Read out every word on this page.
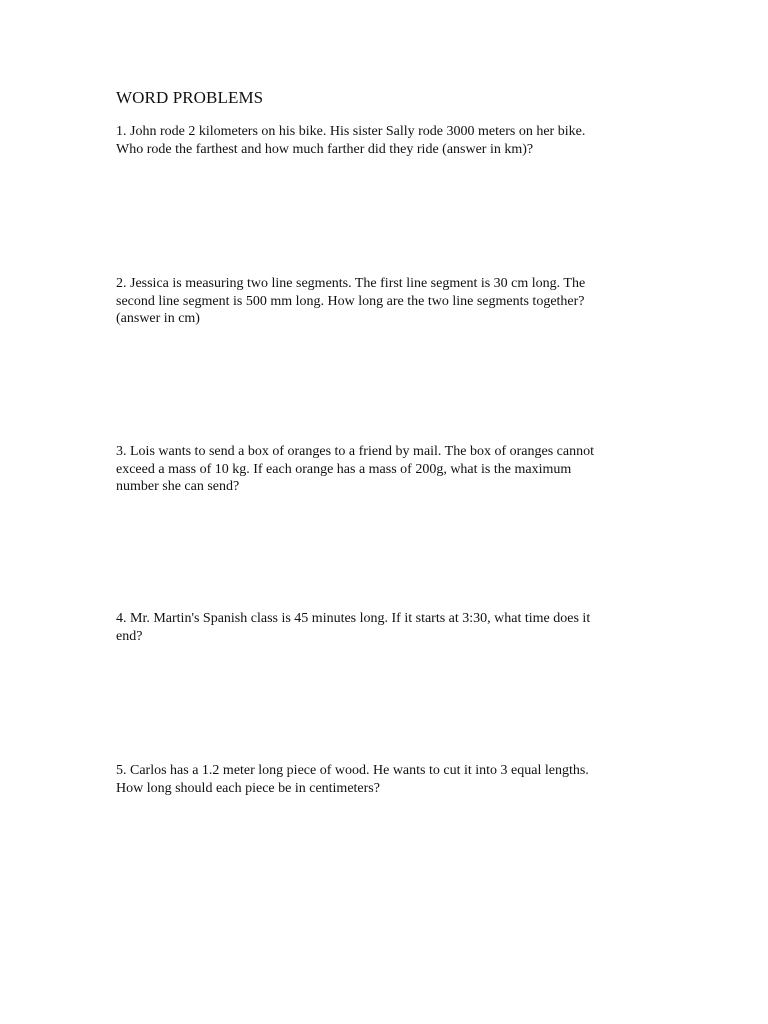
WORD PROBLEMS
1. John rode 2 kilometers on his bike. His sister Sally rode 3000 meters on her bike.
Who rode the farthest and how much farther did they ride (answer in km)?
2. Jessica is measuring two line segments. The first line segment is 30 cm long. The
second line segment is 500 mm long. How long are the two line segments together?
(answer in cm)
3. Lois wants to send a box of oranges to a friend by mail. The box of oranges cannot
exceed a mass of 10 kg. If each orange has a mass of 200g, what is the maximum
number she can send?
4. Mr. Martin's Spanish class is 45 minutes long. If it starts at 3:30, what time does it
end?
5. Carlos has a 1.2 meter long piece of wood. He wants to cut it into 3 equal lengths.
How long should each piece be in centimeters?
